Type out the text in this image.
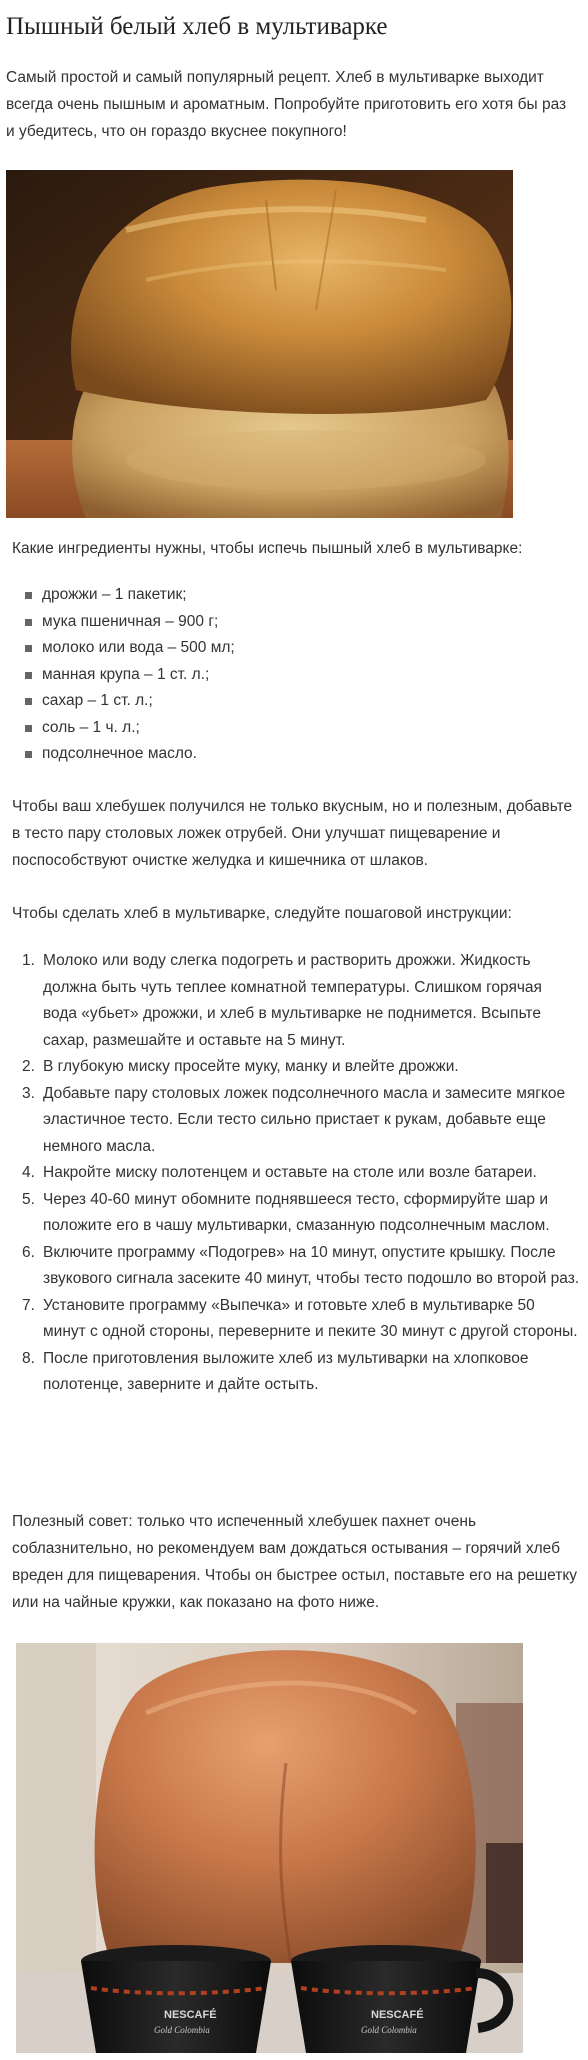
Пышный белый хлеб в мультиварке

Самый простой и самый популярный рецепт. Хлеб в мультиварке выходит всегда очень пышным и ароматным. Попробуйте приготовить его хотя бы раз и убедитесь, что он гораздо вкуснее покупного!

Какие ингредиенты нужны, чтобы испечь пышный хлеб в мультиварке:

дрожжи – 1 пакетик;
мука пшеничная – 900 г;
молоко или вода – 500 мл;
манная крупа – 1 ст. л.;
сахар – 1 ст. л.;
соль – 1 ч. л.;
подсолнечное масло.

Чтобы ваш хлебушек получился не только вкусным, но и полезным, добавьте в тесто пару столовых ложек отрубей. Они улучшат пищеварение и поспособствуют очистке желудка и кишечника от шлаков.

Чтобы сделать хлеб в мультиварке, следуйте пошаговой инструкции:

1. Молоко или воду слегка подогреть и растворить дрожжи. Жидкость должна быть чуть теплее комнатной температуры. Слишком горячая вода «убьет» дрожжи, и хлеб в мультиварке не поднимется. Всыпьте сахар, размешайте и оставьте на 5 минут.
2. В глубокую миску просейте муку, манку и влейте дрожжи.
3. Добавьте пару столовых ложек подсолнечного масла и замесите мягкое эластичное тесто. Если тесто сильно пристает к рукам, добавьте еще немного масла.
4. Накройте миску полотенцем и оставьте на столе или возле батареи.
5. Через 40-60 минут обомните поднявшееся тесто, сформируйте шар и положите его в чашу мультиварки, смазанную подсолнечным маслом.
6. Включите программу «Подогрев» на 10 минут, опустите крышку. После звукового сигнала засеките 40 минут, чтобы тесто подошло во второй раз.
7. Установите программу «Выпечка» и готовьте хлеб в мультиварке 50 минут с одной стороны, переверните и пеките 30 минут с другой стороны.
8. После приготовления выложите хлеб из мультиварки на хлопковое полотенце, заверните и дайте остыть.

Полезный совет: только что испеченный хлебушек пахнет очень соблазнительно, но рекомендуем вам дождаться остывания – горячий хлеб вреден для пищеварения. Чтобы он быстрее остыл, поставьте его на решетку или на чайные кружки, как показано на фото ниже.

NESCAFÉ
Gold Colombia
NESCAFÉ
Gold Colombia
